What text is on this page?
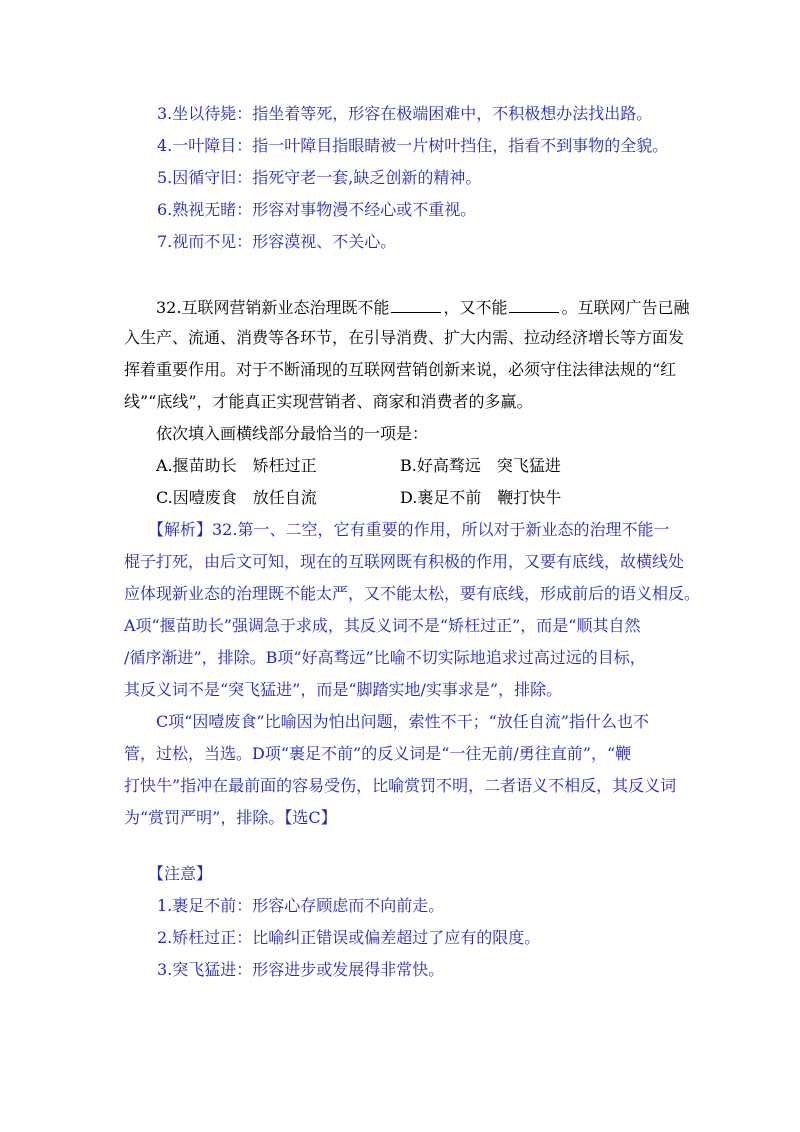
3.坐以待毙：指坐着等死，形容在极端困难中，不积极想办法找出路。
4.一叶障目：指一叶障目指眼睛被一片树叶挡住，指看不到事物的全貌。
5.因循守旧：指死守老一套,缺乏创新的精神。
6.熟视无睹：形容对事物漫不经心或不重视。
7.视而不见：形容漠视、不关心。
32.互联网营销新业态治理既不能	，又不能	。互联网广告已融
入生产、流通、消费等各环节，在引导消费、扩大内需、拉动经济增长等方面发
挥着重要作用。对于不断涌现的互联网营销创新来说，必须守住法律法规的“红
线”“底线”，才能真正实现营销者、商家和消费者的多赢。
依次填入画横线部分最恰当的一项是：
A.揠苗助长　矫枉过正	B.好高骛远　突飞猛进
C.因噎废食　放任自流	D.裹足不前　鞭打快牛
【解析】32.第一、二空，它有重要的作用，所以对于新业态的治理不能一
棍子打死，由后文可知，现在的互联网既有积极的作用，又要有底线，故横线处
应体现新业态的治理既不能太严，又不能太松，要有底线，形成前后的语义相反。
A项“揠苗助长”强调急于求成，其反义词不是“矫枉过正”，而是“顺其自然
/循序渐进”，排除。B项“好高骛远”比喻不切实际地追求过高过远的目标，
其反义词不是“突飞猛进”，而是“脚踏实地/实事求是”，排除。
C项“因噎废食”比喻因为怕出问题，索性不干；“放任自流”指什么也不
管，过松，当选。D项“裹足不前”的反义词是“一往无前/勇往直前”，“鞭
打快牛”指冲在最前面的容易受伤，比喻赏罚不明，二者语义不相反，其反义词
为“赏罚严明”，排除。【选C】
【注意】
1.裹足不前：形容心存顾虑而不向前走。
2.矫枉过正：比喻纠正错误或偏差超过了应有的限度。
3.突飞猛进：形容进步或发展得非常快。
